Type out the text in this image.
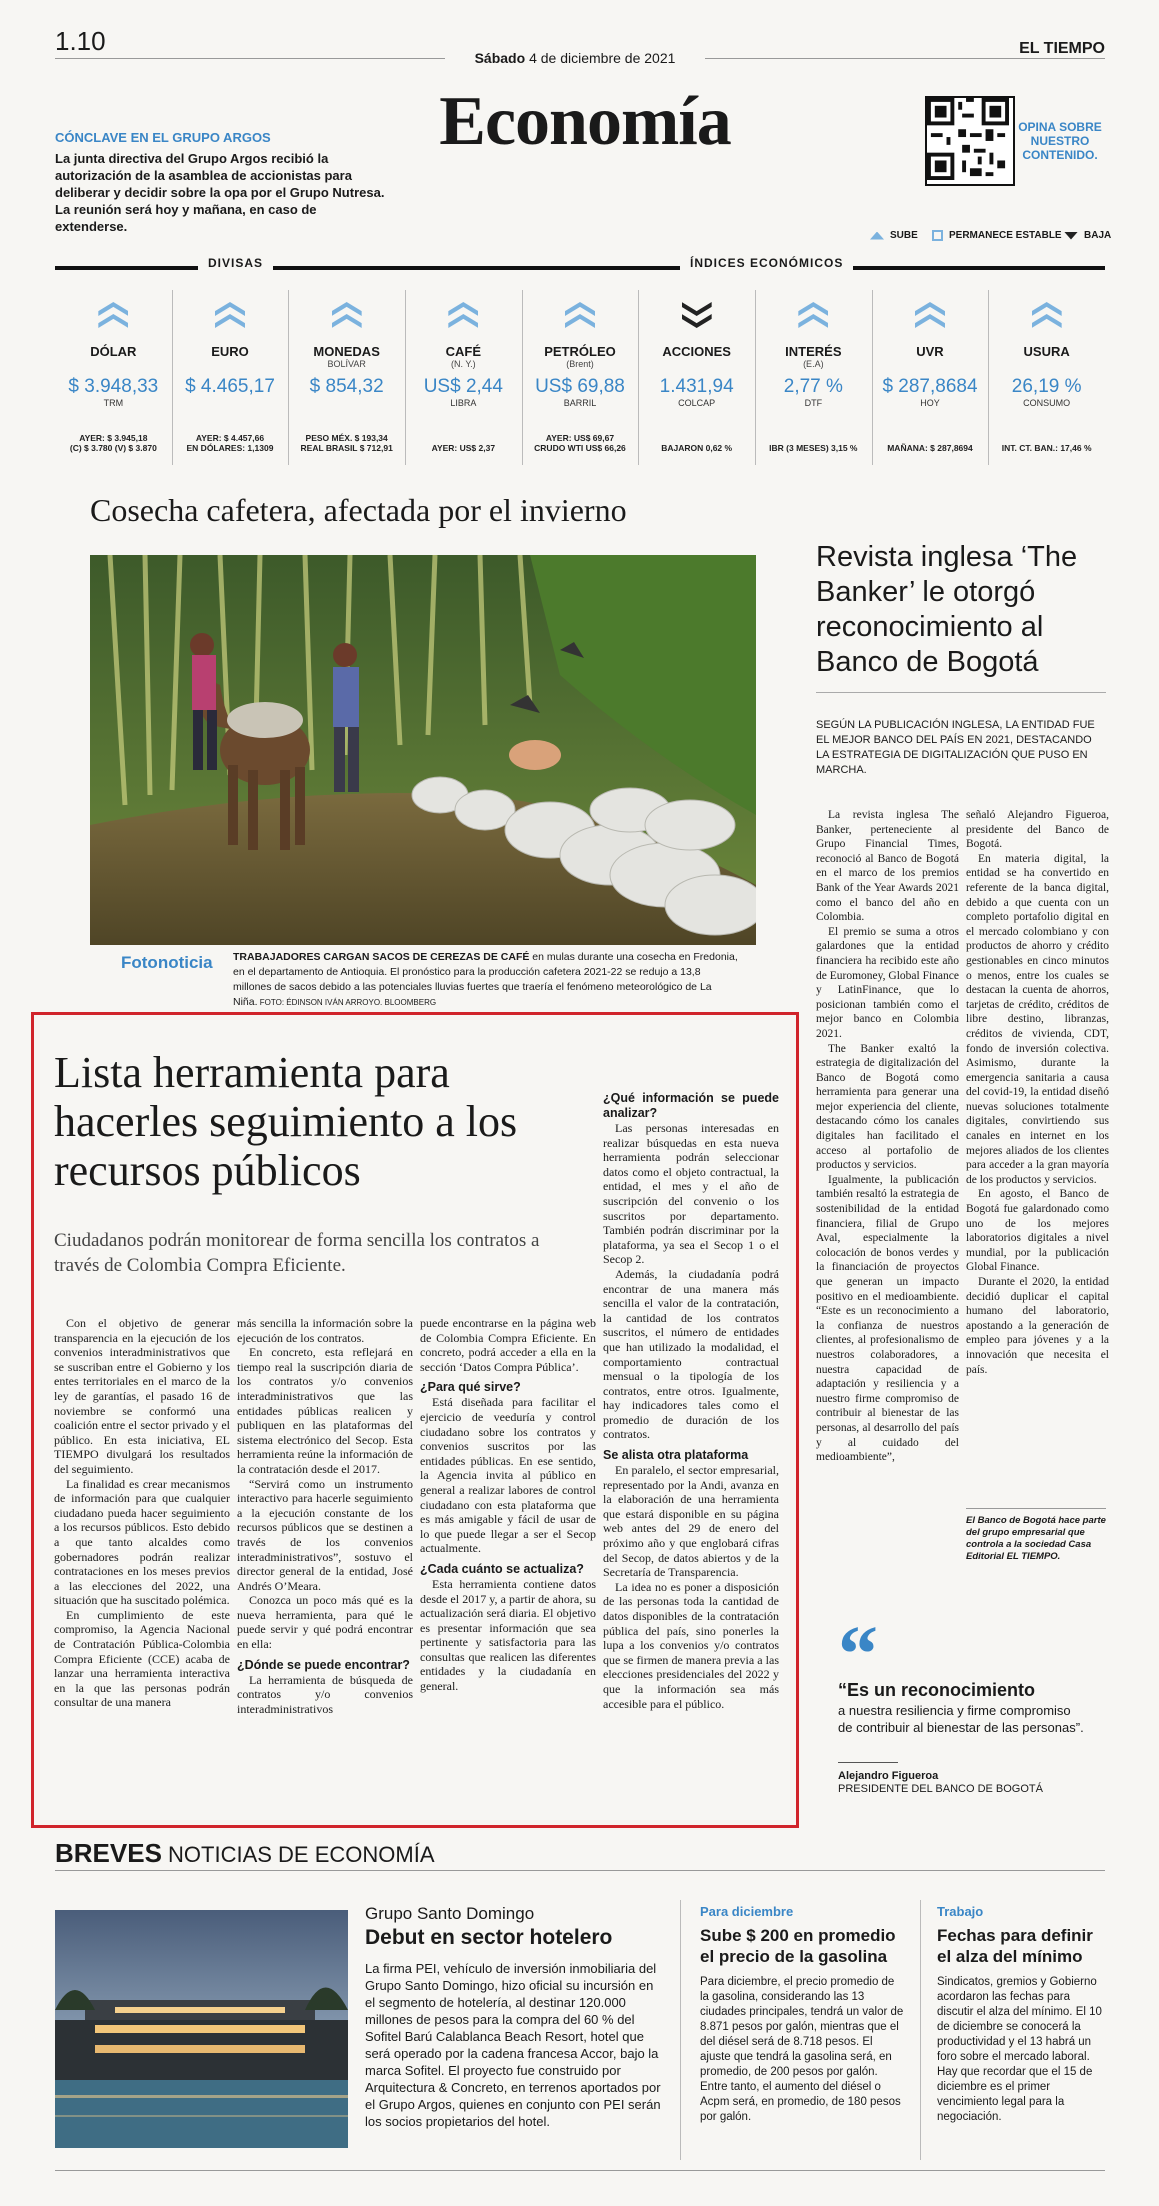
1.10
Sábado 4 de diciembre de 2021
EL TIEMPO
Economía
CÓNCLAVE EN EL GRUPO ARGOS
La junta directiva del Grupo Argos recibió la autorización de la asamblea de accionistas para deliberar y decidir sobre la opa por el Grupo Nutresa. La reunión será hoy y mañana, en caso de extenderse.
OPINA SOBRE NUESTRO CONTENIDO.
SUBE	PERMANECE ESTABLE BAJA
DIVISAS	ÍNDICES ECONÓMICOS
DÓLAR
$ 3.948,33
TRM
AYER: $ 3.945,18
(C) $ 3.780 (V) $ 3.870
EURO
$ 4.465,17
AYER: $ 4.457,66
EN DÓLARES: 1,1309
MONEDAS
BOLÍVAR
$ 854,32
PESO MÉX. $ 193,34
REAL BRASIL $ 712,91
CAFÉ
(N. Y.)
US$ 2,44
LIBRA
AYER: US$ 2,37
PETRÓLEO
(Brent)
US$ 69,88
BARRIL
AYER: US$ 69,67
CRUDO WTI US$ 66,26
ACCIONES
1.431,94
COLCAP
BAJARON 0,62 %
INTERÉS
(E.A)
2,77 %
DTF
IBR (3 MESES) 3,15 %
UVR
$ 287,8684
HOY
MAÑANA: $ 287,8694
USURA
26,19 %
CONSUMO
INT. CT. BAN.: 17,46 %
Cosecha cafetera, afectada por el invierno
Fotonoticia TRABAJADORES CARGAN SACOS DE CEREZAS DE CAFÉ en mulas durante una cosecha en Fredonia, en el departamento de Antioquia. El pronóstico para la producción cafetera 2021-22 se redujo a 13,8 millones de sacos debido a las potenciales lluvias fuertes que traería el fenómeno meteorológico de La Niña. FOTO: ÉDINSON IVÁN ARROYO. BLOOMBERG
Revista inglesa ‘The Banker’ le otorgó reconocimiento al Banco de Bogotá
SEGÚN LA PUBLICACIÓN INGLESA, LA ENTIDAD FUE EL MEJOR BANCO DEL PAÍS EN 2021, DESTACANDO LA ESTRATEGIA DE DIGITALIZACIÓN QUE PUSO EN MARCHA.

La revista inglesa The Banker, perteneciente al Grupo Financial Times, reconoció al Banco de Bogotá en el marco de los premios Bank of the Year Awards 2021 como el banco del año en Colombia.

El premio se suma a otros galardones que la entidad financiera ha recibido este año de Euromoney, Global Finance y LatinFinance, que lo posicionan también como el mejor banco en Colombia 2021.

The Banker exaltó la estrategia de digitalización del Banco de Bogotá como herramienta para generar una mejor experiencia del cliente, destacando cómo los canales digitales han facilitado el acceso al portafolio de productos y servicios.

Igualmente, la publicación también resaltó la estrategia de sostenibilidad de la entidad financiera, filial de Grupo Aval, especialmente la colocación de bonos verdes y la financiación de proyectos que generan un impacto positivo en el medioambiente. “Este es un reconocimiento a la confianza de nuestros clientes, al profesionalismo de nuestros colaboradores, a nuestra capacidad de adaptación y resiliencia y a nuestro firme compromiso de contribuir al bienestar de las personas, al desarrollo del país y al cuidado del medioambiente”,

señaló Alejandro Figueroa, presidente del Banco de Bogotá.

En materia digital, la entidad se ha convertido en referente de la banca digital, debido a que cuenta con un completo portafolio digital en el mercado colombiano y con productos de ahorro y crédito gestionables en cinco minutos o menos, entre los cuales se destacan la cuenta de ahorros, tarjetas de crédito, créditos de libre destino, libranzas, créditos de vivienda, CDT, fondo de inversión colectiva. Asimismo, durante la emergencia sanitaria a causa del covid-19, la entidad diseñó nuevas soluciones totalmente digitales, convirtiendo sus canales en internet en los mejores aliados de los clientes para acceder a la gran mayoría de los productos y servicios.

En agosto, el Banco de Bogotá fue galardonado como uno de los mejores laboratorios digitales a nivel mundial, por la publicación Global Finance.

Durante el 2020, la entidad decidió duplicar el capital humano del laboratorio, apostando a la generación de empleo para jóvenes y a la innovación que necesita el país.

El Banco de Bogotá hace parte del grupo empresarial que controla a la sociedad Casa Editorial EL TIEMPO.
“
“Es un reconocimiento
a nuestra resiliencia y firme compromiso de contribuir al bienestar de las personas”.
Alejandro Figueroa
PRESIDENTE DEL BANCO DE BOGOTÁ
Lista herramienta para hacerles seguimiento a los recursos públicos
Ciudadanos podrán monitorear de forma sencilla los contratos a través de Colombia Compra Eficiente.

Con el objetivo de generar transparencia en la ejecución de los convenios interadministrativos que se suscriban entre el Gobierno y los entes territoriales en el marco de la ley de garantías, el pasado 16 de noviembre se conformó una coalición entre el sector privado y el público. En esta iniciativa, EL TIEMPO divulgará los resultados del seguimiento.

La finalidad es crear mecanismos de información para que cualquier ciudadano pueda hacer seguimiento a los recursos públicos. Esto debido a que tanto alcaldes como gobernadores podrán realizar contrataciones en los meses previos a las elecciones del 2022, una situación que ha suscitado polémica.

En cumplimiento de este compromiso, la Agencia Nacional de Contratación Pública-Colombia Compra Eficiente (CCE) acaba de lanzar una herramienta interactiva en la que las personas podrán consultar de una manera

más sencilla la información sobre la ejecución de los contratos.

En concreto, esta reflejará en tiempo real la suscripción diaria de los contratos y/o convenios interadministrativos que las entidades públicas realicen y publiquen en las plataformas del sistema electrónico del Secop. Esta herramienta reúne la información de la contratación desde el 2017.

“Servirá como un instrumento interactivo para hacerle seguimiento a la ejecución constante de los recursos públicos que se destinen a través de los convenios interadministrativos”, sostuvo el director general de la entidad, José Andrés O’Meara.

Conozca un poco más qué es la nueva herramienta, para qué le puede servir y qué podrá encontrar en ella:

¿Dónde se puede encontrar?

La herramienta de búsqueda de contratos y/o convenios interadministrativos

puede encontrarse en la página web de Colombia Compra Eficiente. En concreto, podrá acceder a ella en la sección ‘Datos Compra Pública’.

¿Para qué sirve?

Está diseñada para facilitar el ejercicio de veeduría y control ciudadano sobre los contratos y convenios suscritos por las entidades públicas. En ese sentido, la Agencia invita al público en general a realizar labores de control ciudadano con esta plataforma que es más amigable y fácil de usar de lo que puede llegar a ser el Secop actualmente.

¿Cada cuánto se actualiza?

Esta herramienta contiene datos desde el 2017 y, a partir de ahora, su actualización será diaria. El objetivo es presentar información que sea pertinente y satisfactoria para las consultas que realicen las diferentes entidades y la ciudadanía en general.

¿Qué información se puede analizar?

Las personas interesadas en realizar búsquedas en esta nueva herramienta podrán seleccionar datos como el objeto contractual, la entidad, el mes y el año de suscripción del convenio o los suscritos por departamento. También podrán discriminar por la plataforma, ya sea el Secop 1 o el Secop 2.

Además, la ciudadanía podrá encontrar de una manera más sencilla el valor de la contratación, la cantidad de los contratos suscritos, el número de entidades que han utilizado la modalidad, el comportamiento contractual mensual o la tipología de los contratos, entre otros. Igualmente, hay indicadores tales como el promedio de duración de los contratos.

Se alista otra plataforma

En paralelo, el sector empresarial, representado por la Andi, avanza en la elaboración de una herramienta que estará disponible en su página web antes del 29 de enero del próximo año y que englobará cifras del Secop, de datos abiertos y de la Secretaría de Transparencia.

La idea no es poner a disposición de las personas toda la cantidad de datos disponibles de la contratación pública del país, sino ponerles la lupa a los convenios y/o contratos que se firmen de manera previa a las elecciones presidenciales del 2022 y que la información sea más accesible para el público.

BREVES NOTICIAS DE ECONOMÍA
Grupo Santo Domingo
Debut en sector hotelero
La firma PEI, vehículo de inversión inmobiliaria del Grupo Santo Domingo, hizo oficial su incursión en el segmento de hotelería, al destinar 120.000 millones de pesos para la compra del 60 % del Sofitel Barú Calablanca Beach Resort, hotel que será operado por la cadena francesa Accor, bajo la marca Sofitel. El proyecto fue construido por Arquitectura & Concreto, en terrenos aportados por el Grupo Argos, quienes en conjunto con PEI serán los socios propietarios del hotel.
Para diciembre
Sube $ 200 en promedio el precio de la gasolina
Para diciembre, el precio promedio de la gasolina, considerando las 13 ciudades principales, tendrá un valor de 8.871 pesos por galón, mientras que el del diésel será de 8.718 pesos. El ajuste que tendrá la gasolina será, en promedio, de 200 pesos por galón. Entre tanto, el aumento del diésel o Acpm será, en promedio, de 180 pesos por galón.
Trabajo
Fechas para definir el alza del mínimo
Sindicatos, gremios y Gobierno acordaron las fechas para discutir el alza del mínimo. El 10 de diciembre se conocerá la productividad y el 13 habrá un foro sobre el mercado laboral. Hay que recordar que el 15 de diciembre es el primer vencimiento legal para la negociación.
